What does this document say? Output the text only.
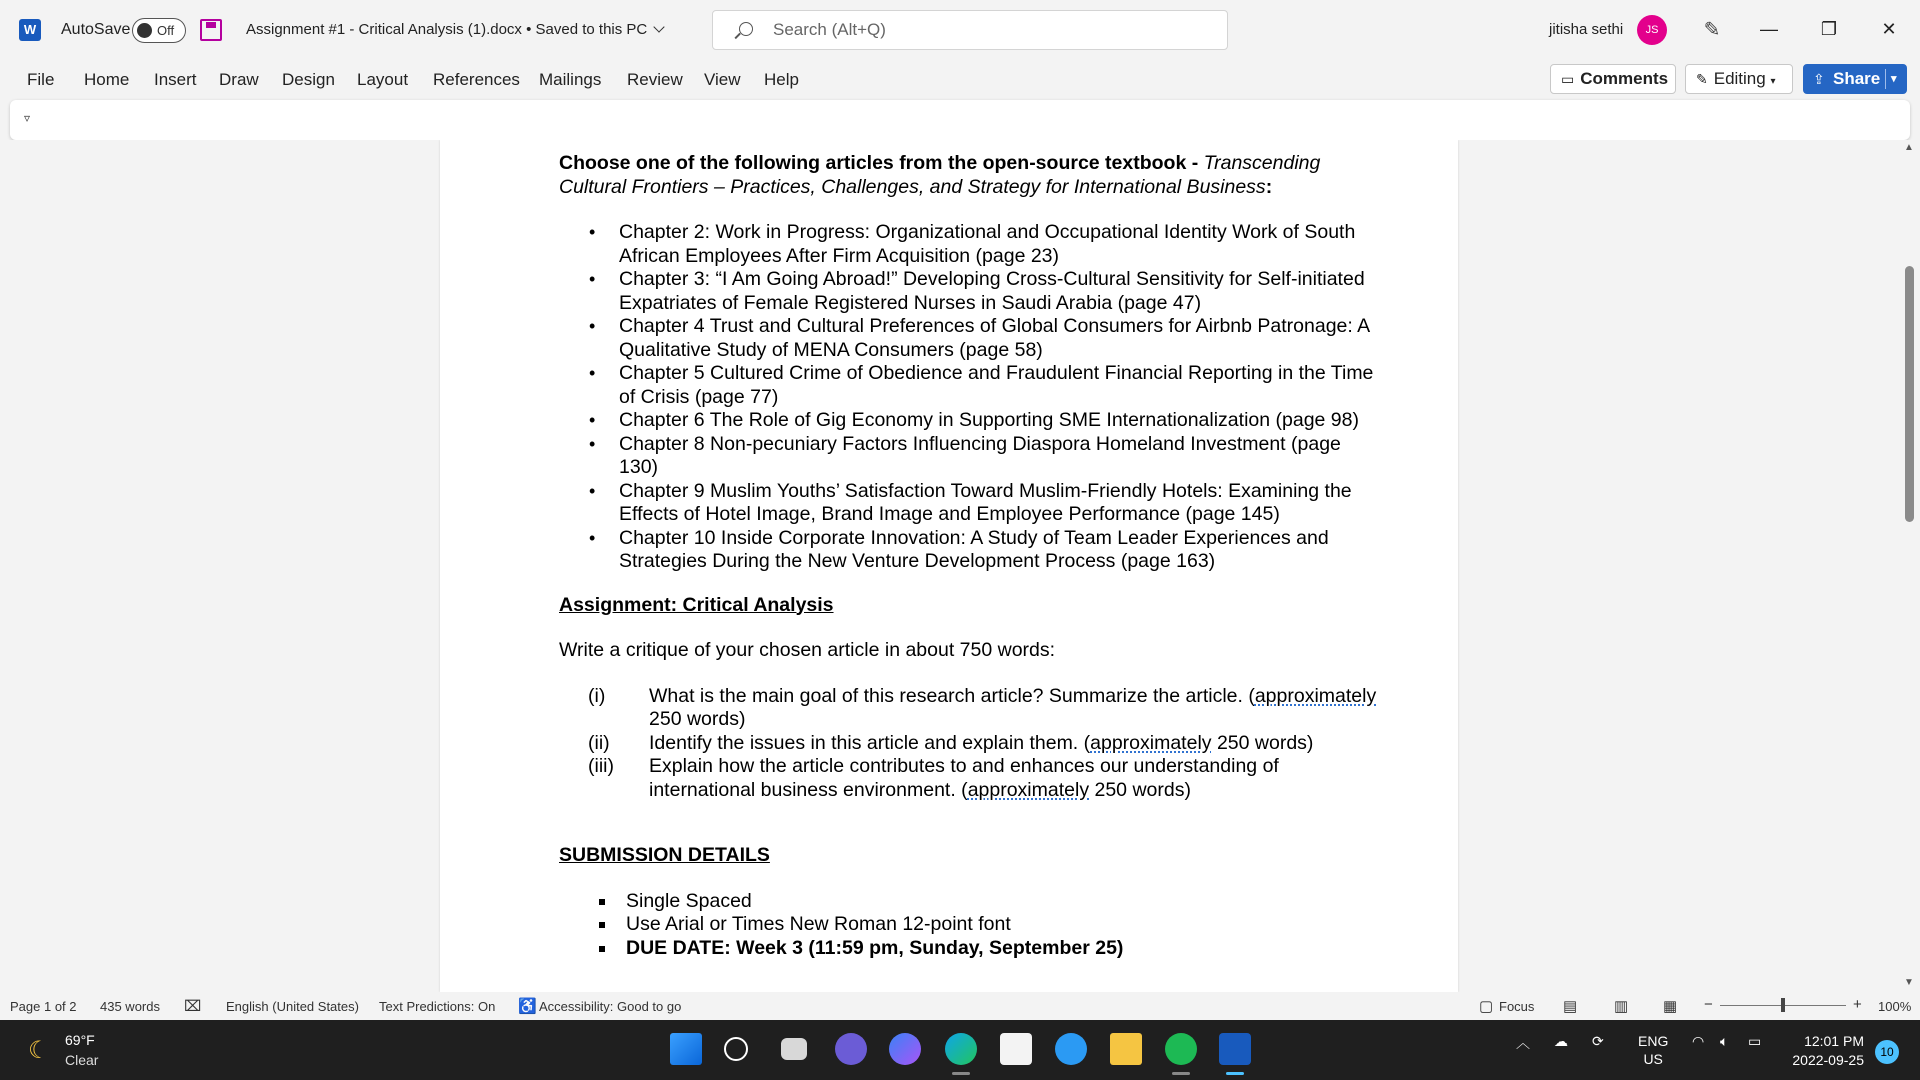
W	AutoSave Off	Assignment #1 - Critical Analysis (1).docx • Saved to this PC	Search (Alt+Q)	jitisha sethi	JS	✎	—	❐	✕
File Home Insert Draw Design Layout References Mailings Review View Help	▭ Comments	✎ Editing ▾	⇪ Share ▾
▿

Choose one of the following articles from the open-source textbook - Transcending Cultural Frontiers – Practices, Challenges, and Strategy for International Business:

• Chapter 2: Work in Progress: Organizational and Occupational Identity Work of South African Employees After Firm Acquisition (page 23)
• Chapter 3: “I Am Going Abroad!” Developing Cross-Cultural Sensitivity for Self-initiated Expatriates of Female Registered Nurses in Saudi Arabia (page 47)
• Chapter 4 Trust and Cultural Preferences of Global Consumers for Airbnb Patronage: A Qualitative Study of MENA Consumers (page 58)
• Chapter 5 Cultured Crime of Obedience and Fraudulent Financial Reporting in the Time of Crisis (page 77)
• Chapter 6 The Role of Gig Economy in Supporting SME Internationalization (page 98)
• Chapter 8 Non-pecuniary Factors Influencing Diaspora Homeland Investment (page 130)
• Chapter 9 Muslim Youths’ Satisfaction Toward Muslim-Friendly Hotels: Examining the Effects of Hotel Image, Brand Image and Employee Performance (page 145)
• Chapter 10 Inside Corporate Innovation: A Study of Team Leader Experiences and Strategies During the New Venture Development Process (page 163)

Assignment: Critical Analysis

Write a critique of your chosen article in about 750 words:

(i) What is the main goal of this research article? Summarize the article. (approximately 250 words)
(ii) Identify the issues in this article and explain them. (approximately 250 words)
(iii) Explain how the article contributes to and enhances our understanding of international business environment. (approximately 250 words)

SUBMISSION DETAILS

Single Spaced
Use Arial or Times New Roman 12-point font
DUE DATE: Week 3 (11:59 pm, Sunday, September 25)
▲
▼
Page 1 of 2 435 words ⌧ English (United States) Text Predictions: On ♿ Accessibility: Good to go	▢ Focus ▤ ▥ ▦ −	+ 100%
☾ 69°F
Clear
︿ ☁ ⟳ ENG
US
◠ 🔈︎ ▭	12:01 PM
2022-09-25	10
